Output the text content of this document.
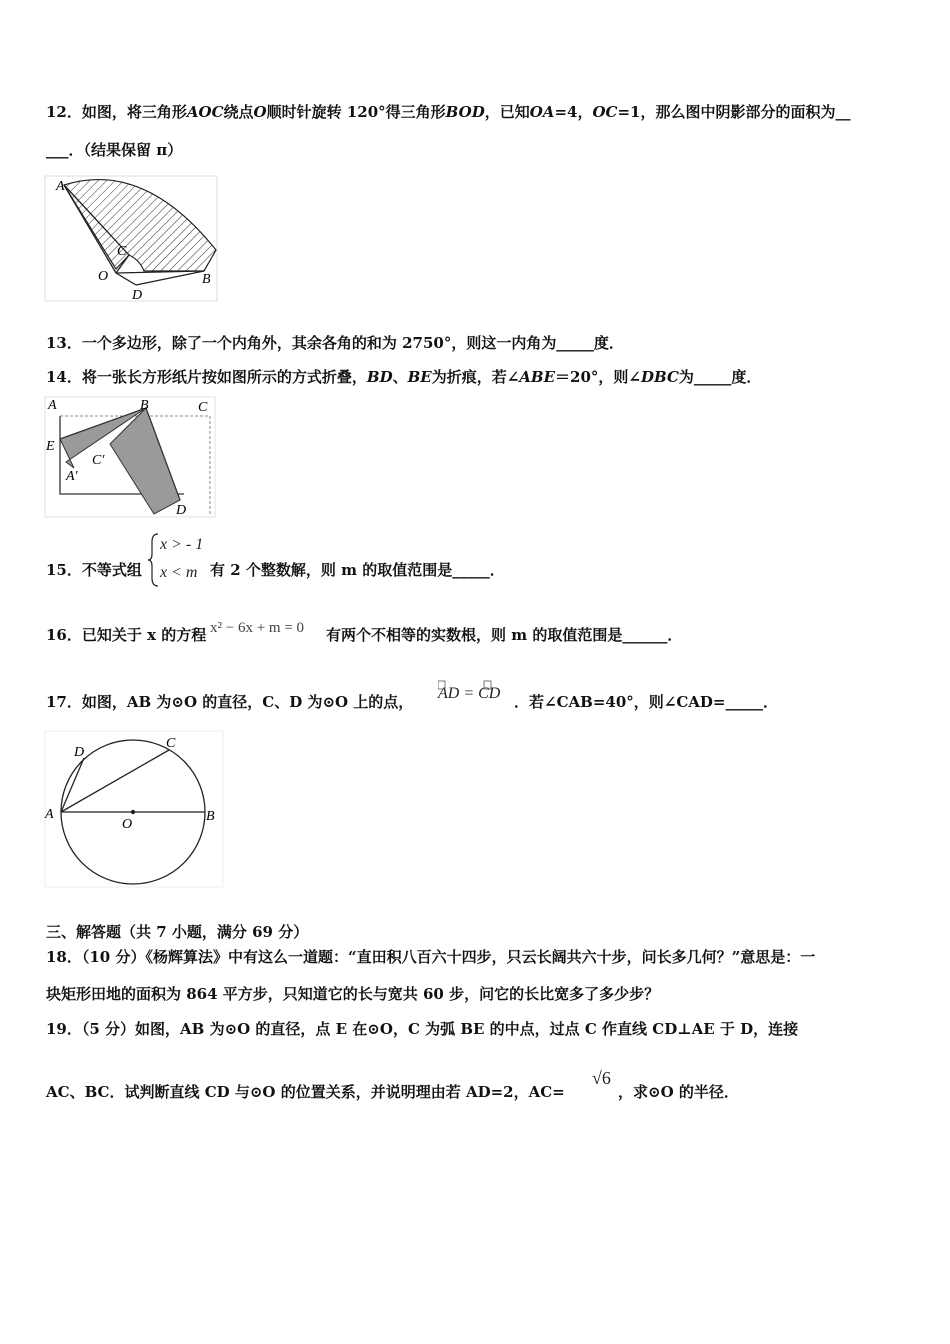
12．如图，将三角形AOC绕点O顺时针旋转 120°得三角形BOD，已知OA=4，OC=1，那么图中阴影部分的面积为__
___．（结果保留 π）
A
C
O
D
B
13．一个多边形，除了一个内角外，其余各角的和为 2750°，则这一内角为_____度．
14．将一张长方形纸片按如图所示的方式折叠，BD、BE为折痕，若∠ABE＝20°，则∠DBC为_____度．
A	B	C
E
C′
A′
D
15．不等式组
x > - 1
x < m 有 2 个整数解，则 m 的取值范围是_____．
16．已知关于 x 的方程 x² − 6x + m = 0 有两个不相等的实数根，则 m 的取值范围是______．
17．如图，AB 为⊙O 的直径，C、D 为⊙O 上的点， AD = CD ．若∠CAB=40°，则∠CAD=_____．
D
C
A
O
B
三、解答题（共 7 小题，满分 69 分）
18．（10 分）《杨辉算法》中有这么一道题：“直田积八百六十四步，只云长阔共六十步，问长多几何？”意思是：一
块矩形田地的面积为 864 平方步，只知道它的长与宽共 60 步，问它的长比宽多了多少步？
19．（5 分）如图，AB 为⊙O 的直径，点 E 在⊙O，C 为弧 BE 的中点，过点 C 作直线 CD⊥AE 于 D，连接
AC、BC．试判断直线 CD 与⊙O 的位置关系，并说明理由若 AD=2，AC=
√6
，求⊙O 的半径．
